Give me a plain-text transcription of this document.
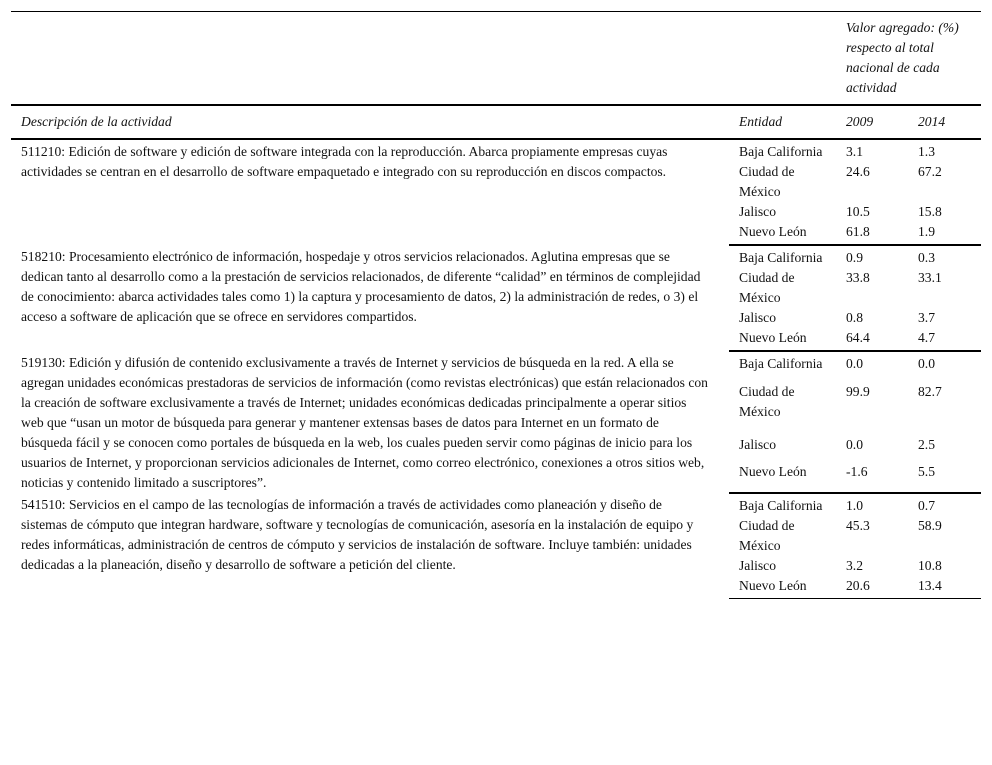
		Valor agregado: (%) respecto al total nacional de cada actividad	
Descripción de la actividad	Entidad	2009	2014
511210: Edición de software y edición de software integrada con la reproducción. Abarca propiamente empresas cuyas actividades se centran en el desarrollo de software empaquetado e integrado con su reproducción en discos compactos.	Baja California	3.1	1.3
	Ciudad de México	24.6	67.2
	Jalisco	10.5	15.8
	Nuevo León	61.8	1.9
518210: Procesamiento electrónico de información, hospedaje y otros servicios relacionados. Aglutina empresas que se dedican tanto al desarrollo como a la prestación de servicios relacionados, de diferente “calidad” en términos de complejidad de conocimiento: abarca actividades tales como 1) la captura y procesamiento de datos, 2) la administración de redes, o 3) el acceso a software de aplicación que se ofrece en servidores compartidos.	Baja California	0.9	0.3
	Ciudad de México	33.8	33.1
	Jalisco	0.8	3.7
	Nuevo León	64.4	4.7
519130: Edición y difusión de contenido exclusivamente a través de Internet y servicios de búsqueda en la red. A ella se agregan unidades económicas prestadoras de servicios de información (como revistas electrónicas) que están relacionados con la creación de software exclusivamente a través de Internet; unidades económicas dedicadas principalmente a operar sitios web que “usan un motor de búsqueda para generar y mantener extensas bases de datos para Internet en un formato de búsqueda fácil y se conocen como portales de búsqueda en la web, los cuales pueden servir como páginas de inicio para los usuarios de Internet, y proporcionan servicios adicionales de Internet, como correo electrónico, conexiones a otros sitios web, noticias y contenido limitado a suscriptores”.	Baja California	0.0	0.0
	Ciudad de México	99.9	82.7
	Jalisco	0.0	2.5
	Nuevo León	-1.6	5.5
541510: Servicios en el campo de las tecnologías de información a través de actividades como planeación y diseño de sistemas de cómputo que integran hardware, software y tecnologías de comunicación, asesoría en la instalación de equipo y redes informáticas, administración de centros de cómputo y servicios de instalación de software. Incluye también: unidades dedicadas a la planeación, diseño y desarrollo de software a petición del cliente.	Baja California	1.0	0.7
	Ciudad de México	45.3	58.9
	Jalisco	3.2	10.8
	Nuevo León	20.6	13.4
